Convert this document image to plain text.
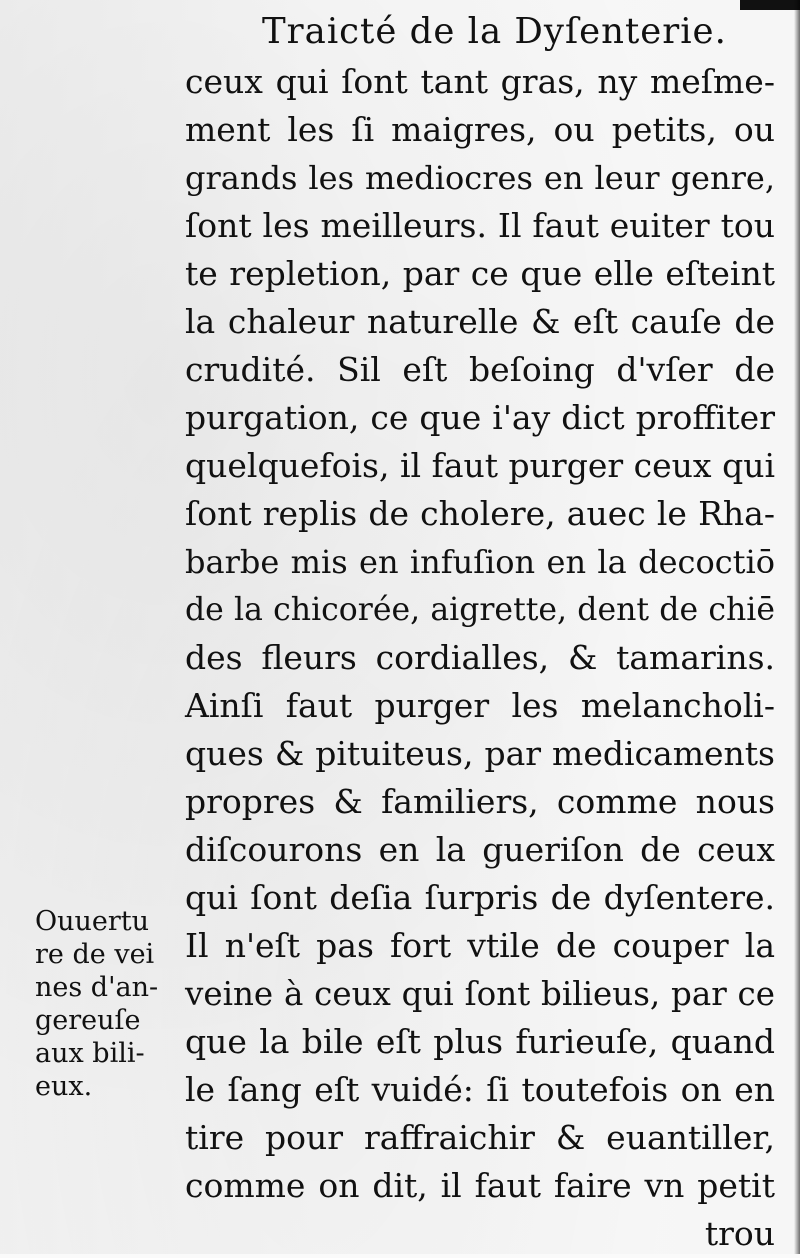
Traicté de la Dyſenterie.
ceux qui ſont tant gras, ny meſme-
ment les ſi maigres, ou petits, ou
grands les mediocres en leur genre,
ſont les meilleurs. Il faut euiter tou
te repletion, par ce que elle eſteint
la chaleur naturelle & eſt cauſe de
crudité. Sil eſt beſoing d'vſer de
purgation, ce que i'ay dict proffiter
quelquefois, il faut purger ceux qui
ſont replis de cholere, auec le Rha-
barbe mis en infuſion en la decoctiō
de la chicorée, aigrette, dent de chiē
des fleurs cordialles, & tamarins.
Ainſi faut purger les melancholi-
ques & pituiteus, par medicaments
propres & familiers, comme nous
diſcourons en la gueriſon de ceux
qui ſont deſia ſurpris de dyſentere.
Il n'eſt pas fort vtile de couper la
veine à ceux qui ſont bilieus, par ce
que la bile eſt plus furieuſe, quand
le ſang eſt vuidé: ſi toutefois on en
tire pour raffraichir & euantiller,
comme on dit, il faut faire vn petit
trou
Ouuertu
re de vei
nes d'an-
gereuſe
aux bili-
eux.
